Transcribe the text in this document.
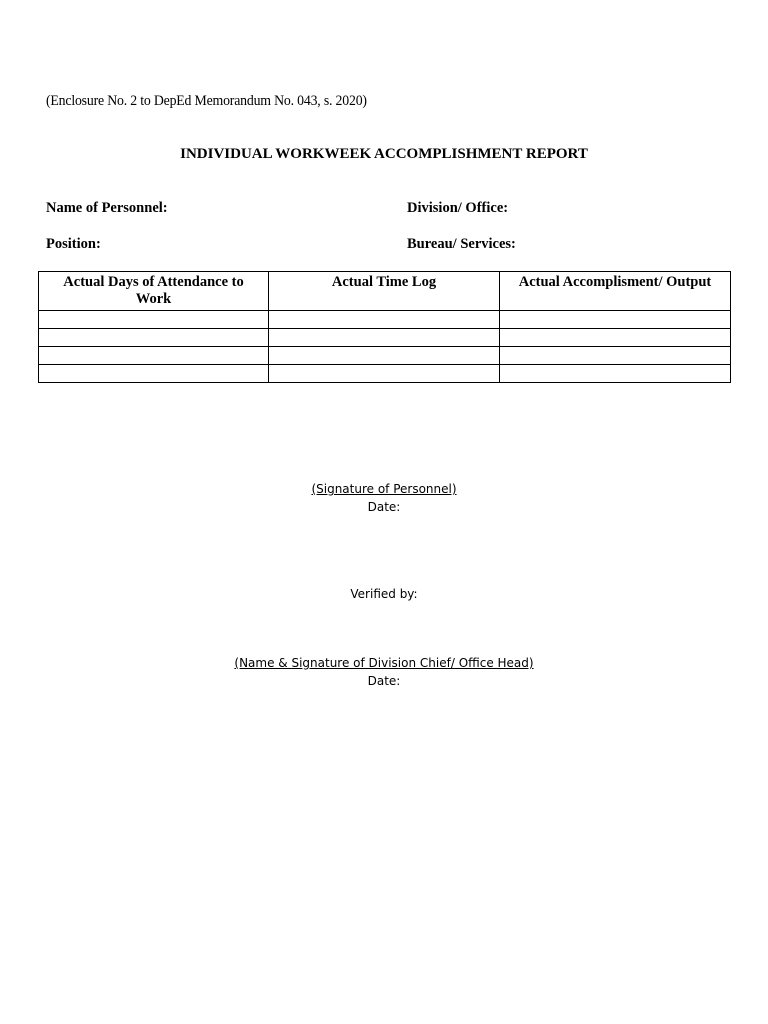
(Enclosure No. 2 to DepEd Memorandum No. 043, s. 2020)
INDIVIDUAL WORKWEEK ACCOMPLISHMENT REPORT
Name of Personnel:	Division/ Office:
Position:	Bureau/ Services:
Actual Days of Attendance to Work	Actual Time Log	Actual Accomplisment/ Output

(Signature of Personnel)
Date:
Verified by:
(Name & Signature of Division Chief/ Office Head)
Date:
